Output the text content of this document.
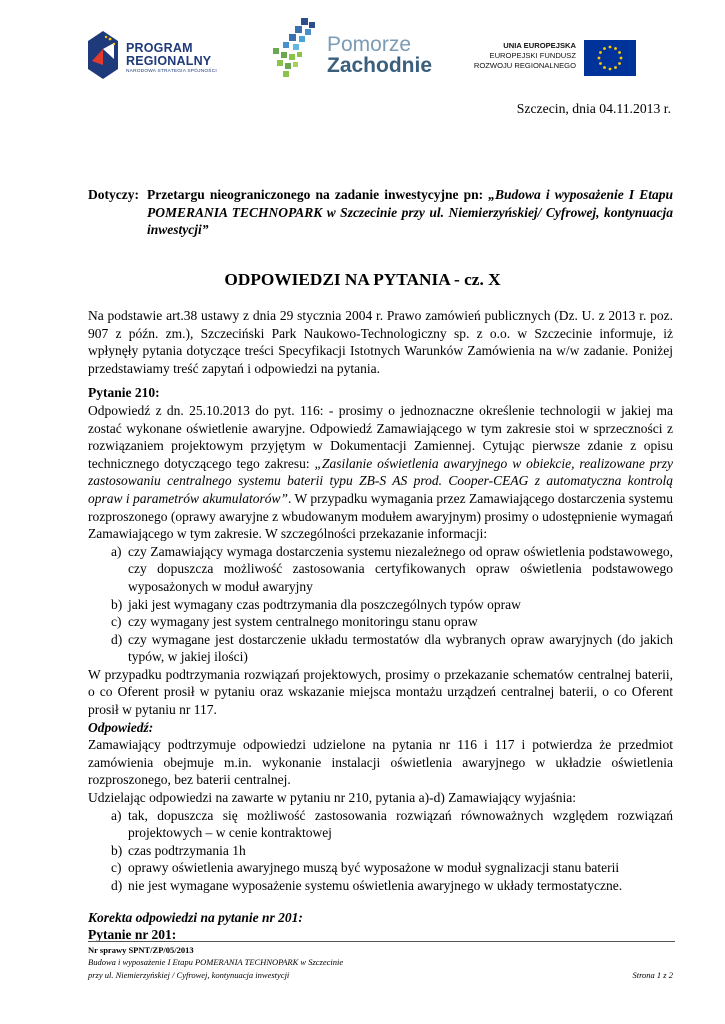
PROGRAM
REGIONALNY
NARODOWA STRATEGIA SPÓJNOŚCI
Pomorze
Zachodnie
UNIA EUROPEJSKA
EUROPEJSKI FUNDUSZ
ROZWOJU REGIONALNEGO
Szczecin, dnia 04.11.2013 r.
Dotyczy: Przetargu nieograniczonego na zadanie inwestycyjne pn: „Budowa i wyposażenie I Etapu POMERANIA TECHNOPARK w Szczecinie przy ul. Niemierzyńskiej/ Cyfrowej, kontynuacja inwestycji”
ODPOWIEDZI NA PYTANIA - cz. X

Na podstawie art.38 ustawy z dnia 29 stycznia 2004 r. Prawo zamówień publicznych (Dz. U. z 2013 r. poz. 907 z późn. zm.), Szczeciński Park Naukowo-Technologiczny sp. z o.o. w Szczecinie informuje, iż wpłynęły pytania dotyczące treści Specyfikacji Istotnych Warunków Zamówienia na w/w zadanie. Poniżej przedstawiamy treść zapytań i odpowiedzi na pytania.

Pytanie 210:

Odpowiedź z dn. 25.10.2013 do pyt. 116: - prosimy o jednoznaczne określenie technologii w jakiej ma zostać wykonane oświetlenie awaryjne. Odpowiedź Zamawiającego w tym zakresie stoi w sprzeczności z rozwiązaniem projektowym przyjętym w Dokumentacji Zamiennej. Cytując pierwsze zdanie z opisu technicznego dotyczącego tego zakresu: „Zasilanie oświetlenia awaryjnego w obiekcie, realizowane przy zastosowaniu centralnego systemu baterii typu ZB-S AS prod. Cooper-CEAG z automatyczna kontrolą opraw i parametrów akumulatorów”. W przypadku wymagania przez Zamawiającego dostarczenia systemu rozproszonego (oprawy awaryjne z wbudowanym modułem awaryjnym) prosimy o udostępnienie wymagań Zamawiającego w tym zakresie. W szczególności przekazanie informacji:

a) czy Zamawiający wymaga dostarczenia systemu niezależnego od opraw oświetlenia podstawowego, czy dopuszcza możliwość zastosowania certyfikowanych opraw oświetlenia podstawowego wyposażonych w moduł awaryjny
b) jaki jest wymagany czas podtrzymania dla poszczególnych typów opraw
c) czy wymagany jest system centralnego monitoringu stanu opraw
d) czy wymagane jest dostarczenie układu termostatów dla wybranych opraw awaryjnych (do jakich typów, w jakiej ilości)

W przypadku podtrzymania rozwiązań projektowych, prosimy o przekazanie schematów centralnej baterii, o co Oferent prosił w pytaniu oraz wskazanie miejsca montażu urządzeń centralnej baterii, o co Oferent prosił w pytaniu nr 117.

Odpowiedź:

Zamawiający podtrzymuje odpowiedzi udzielone na pytania nr 116 i 117 i potwierdza że przedmiot zamówienia obejmuje m.in. wykonanie instalacji oświetlenia awaryjnego w układzie oświetlenia rozproszonego, bez baterii centralnej.

Udzielając odpowiedzi na zawarte w pytaniu nr 210, pytania a)-d) Zamawiający wyjaśnia:

a) tak, dopuszcza się możliwość zastosowania rozwiązań równoważnych względem rozwiązań projektowych – w cenie kontraktowej
b) czas podtrzymania 1h
c) oprawy oświetlenia awaryjnego muszą być wyposażone w moduł sygnalizacji stanu baterii
d) nie jest wymagane wyposażenie systemu oświetlenia awaryjnego w układy termostatyczne.
Korekta odpowiedzi na pytanie nr 201:
Pytanie nr 201:
Nr sprawy SPNT/ZP/05/2013
Budowa i wyposażenie I Etapu POMERANIA TECHNOPARK w Szczecinie
przy ul. Niemierzyńskiej / Cyfrowej, kontynuacja inwestycji	Strona 1 z 2
